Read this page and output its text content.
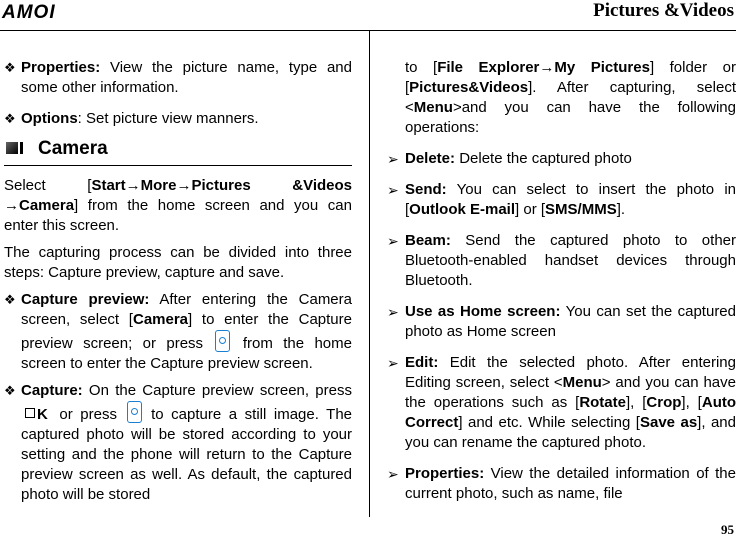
AMOI	Pictures &Videos
❖ Properties: View the picture name, type and some other information.
❖ Options: Set picture view manners.
Camera

Select [Start→More→Pictures &Videos →Camera] from the home screen and you can enter this screen.

The capturing process can be divided into three steps: Capture preview, capture and save.

❖ Capture preview: After entering the Camera screen, select [Camera] to enter the Capture preview screen; or press	from the home screen to enter the Capture preview screen.
❖ Capture: On the Capture preview screen, press K or press to capture a still image. The captured photo will be stored according to your setting and the phone will return to the Capture preview screen as well. As default, the captured photo will be stored

to [File Explorer→My Pictures] folder or [Pictures&Videos]. After capturing, select <Menu>and you can have the following operations:

➢ Delete: Delete the captured photo
➢ Send: You can select to insert the photo in [Outlook E-mail] or [SMS/MMS].
➢ Beam: Send the captured photo to other Bluetooth-enabled handset devices through Bluetooth.
➢ Use as Home screen: You can set the captured photo as Home screen
➢ Edit: Edit the selected photo. After entering Editing screen, select <Menu> and you can have the operations such as [Rotate], [Crop], [Auto Correct] and etc. While selecting [Save as], and you can rename the captured photo.
➢ Properties: View the detailed information of the current photo, such as name, file
95
